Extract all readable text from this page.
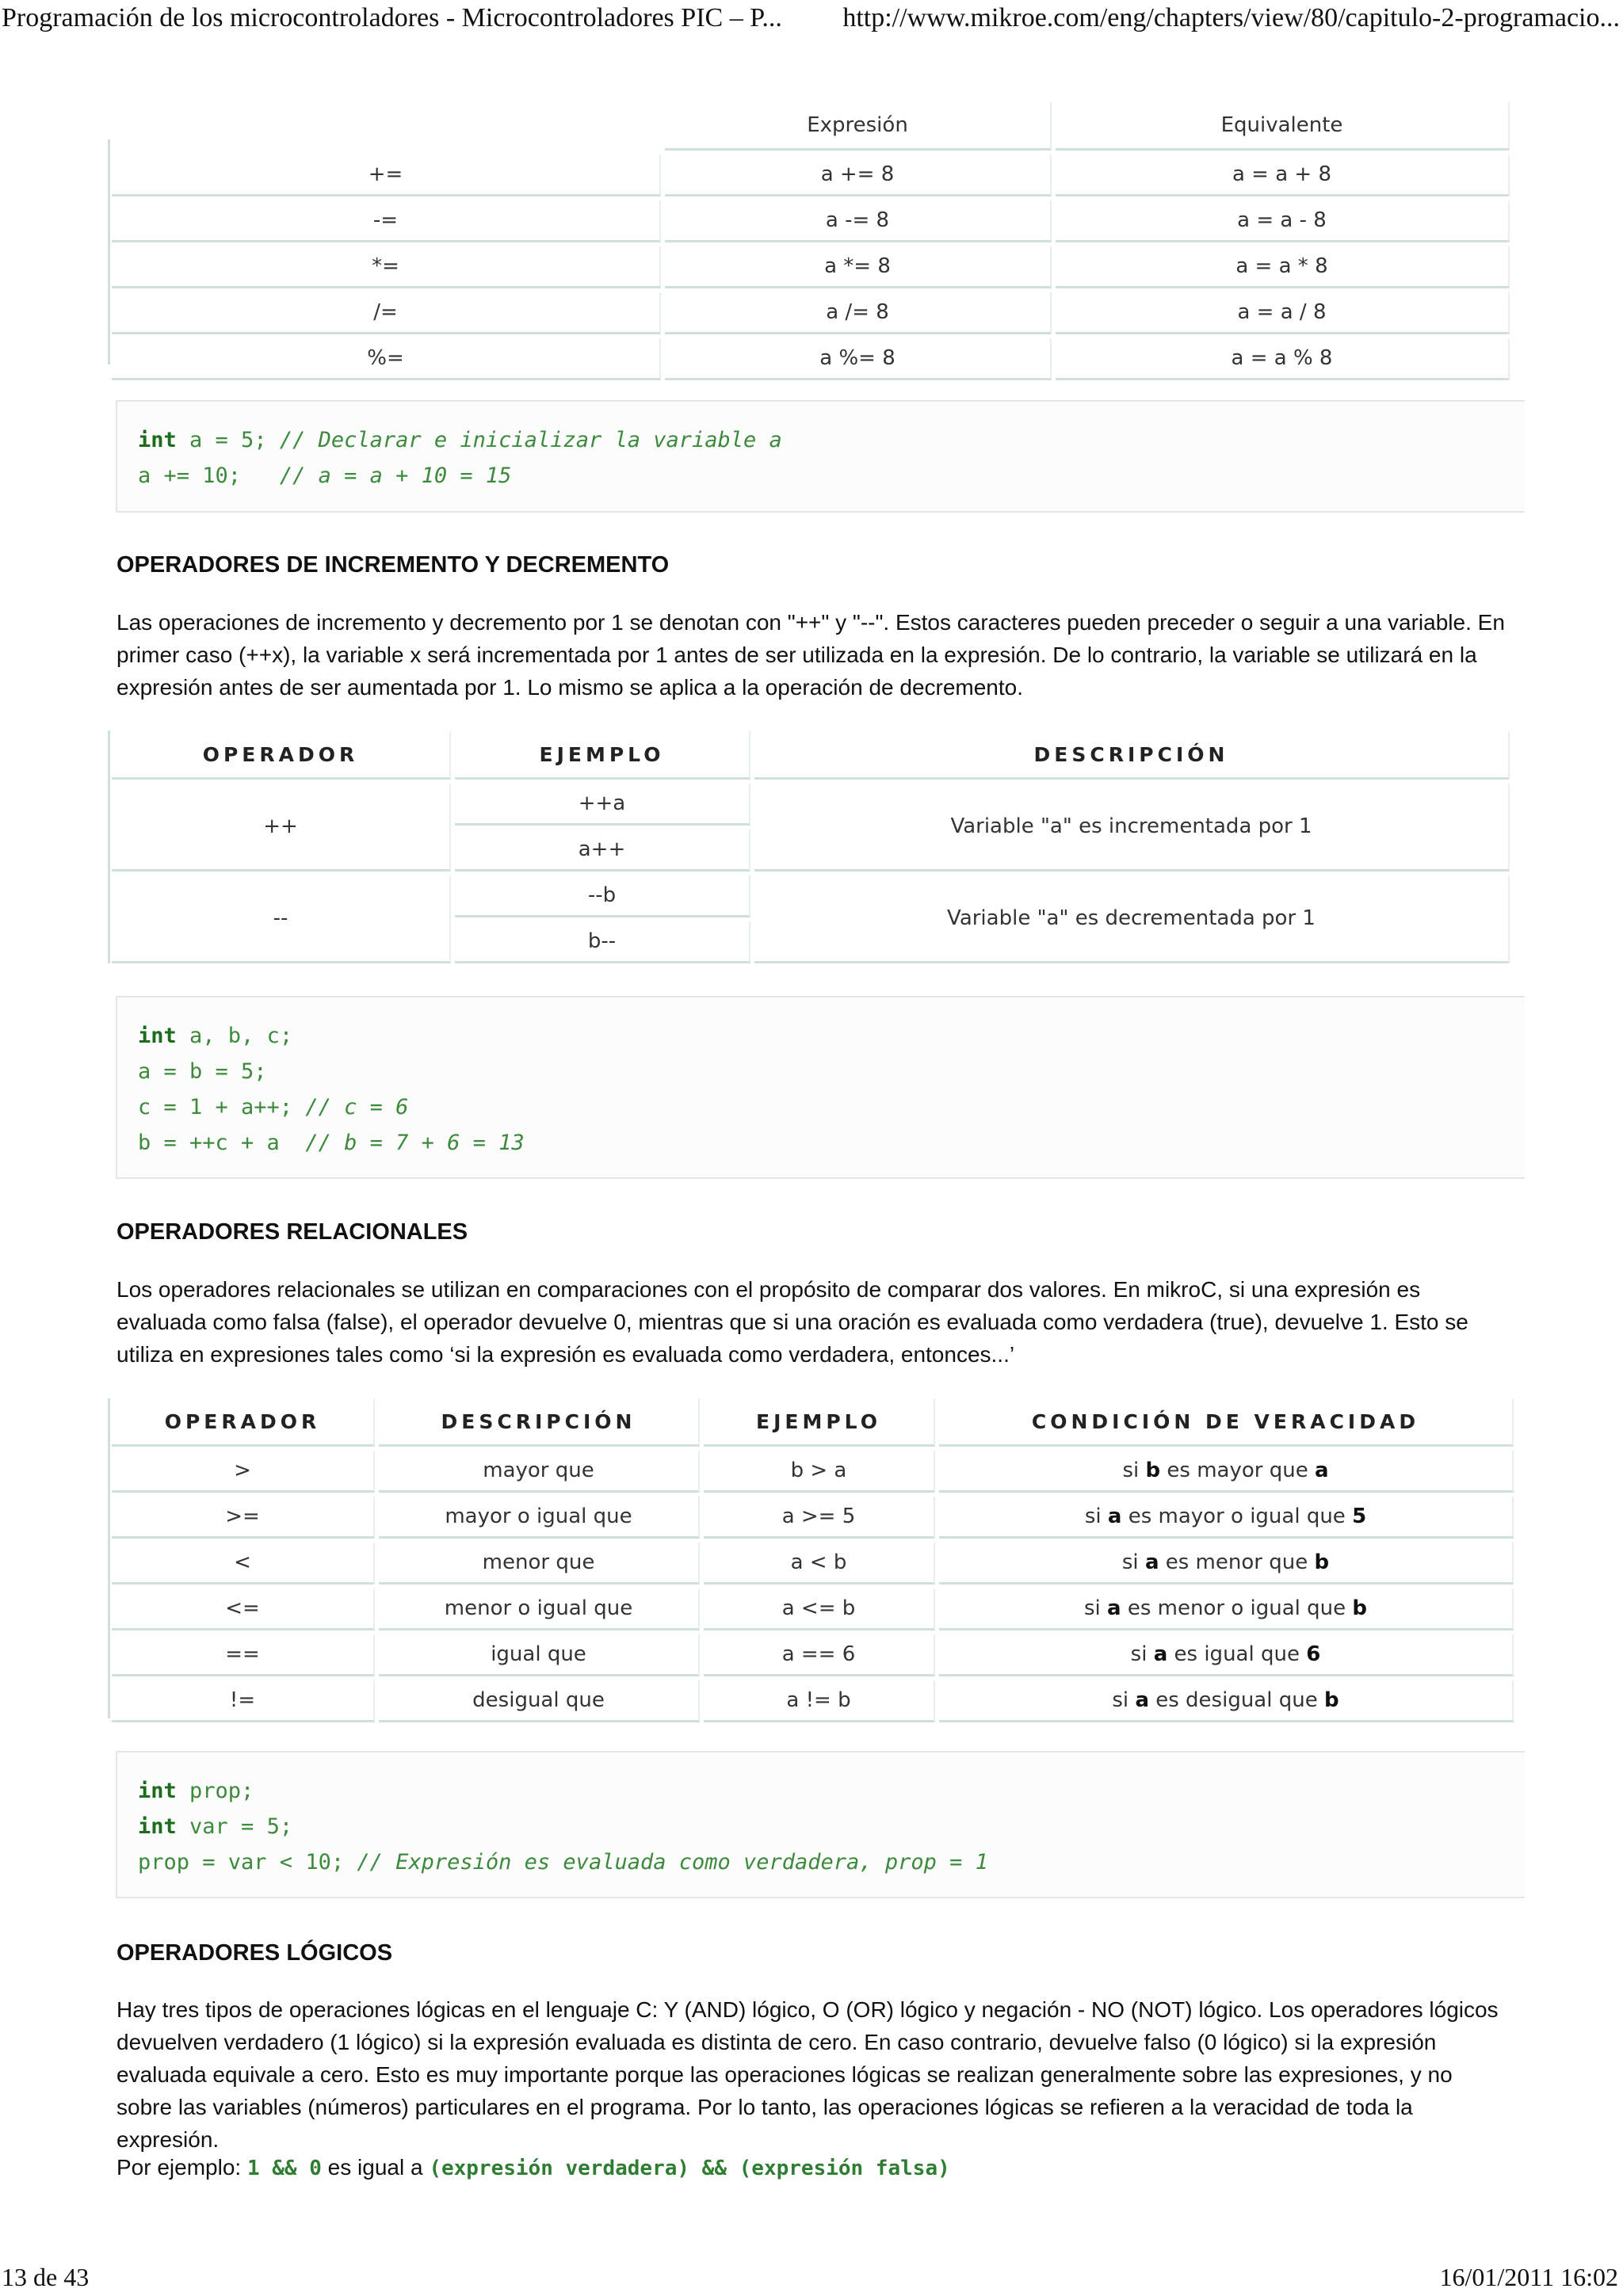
Programación de los microcontroladores - Microcontroladores PIC – P... http://www.mikroe.com/eng/chapters/view/80/capitulo-2-programacio...
	Expresión	Equivalente
+=	a += 8	a = a + 8
-=	a -= 8	a = a - 8
*=	a *= 8	a = a * 8
/=	a /= 8	a = a / 8
%=	a %= 8	a = a % 8
int a = 5; // Declarar e inicializar la variable a
a += 10;   // a = a + 10 = 15
OPERADORES DE INCREMENTO Y DECREMENTO
Las operaciones de incremento y decremento por 1 se denotan con "++" y "--". Estos caracteres pueden preceder o seguir a una variable. En primer caso (++x), la variable x será incrementada por 1 antes de ser utilizada en la expresión. De lo contrario, la variable se utilizará en la expresión antes de ser aumentada por 1. Lo mismo se aplica a la operación de decremento.
OPERADOR	EJEMPLO	DESCRIPCIÓN
++	++a	Variable "a" es incrementada por 1
	a++	
--	--b	Variable "a" es decrementada por 1
	b--	
int a, b, c;
a = b = 5;
c = 1 + a++; // c = 6
b = ++c + a  // b = 7 + 6 = 13
OPERADORES RELACIONALES
Los operadores relacionales se utilizan en comparaciones con el propósito de comparar dos valores. En mikroC, si una expresión es evaluada como falsa (false), el operador devuelve 0, mientras que si una oración es evaluada como verdadera (true), devuelve 1. Esto se utiliza en expresiones tales como ‘si la expresión es evaluada como verdadera, entonces...’
OPERADOR	DESCRIPCIÓN	EJEMPLO	CONDICIÓN DE VERACIDAD
>	mayor que	b > a	si b es mayor que a
>=	mayor o igual que	a >= 5	si a es mayor o igual que 5
<	menor que	a < b	si a es menor que b
<=	menor o igual que	a <= b	si a es menor o igual que b
==	igual que	a == 6	si a es igual que 6
!=	desigual que	a != b	si a es desigual que b
int prop;
int var = 5;
prop = var < 10; // Expresión es evaluada como verdadera, prop = 1
OPERADORES LÓGICOS
Hay tres tipos de operaciones lógicas en el lenguaje C: Y (AND) lógico, O (OR) lógico y negación - NO (NOT) lógico. Los operadores lógicos devuelven verdadero (1 lógico) si la expresión evaluada es distinta de cero. En caso contrario, devuelve falso (0 lógico) si la expresión evaluada equivale a cero. Esto es muy importante porque las operaciones lógicas se realizan generalmente sobre las expresiones, y no sobre las variables (números) particulares en el programa. Por lo tanto, las operaciones lógicas se refieren a la veracidad de toda la expresión.
Por ejemplo: 1 && 0 es igual a (expresión verdadera) && (expresión falsa)
13 de 43	16/01/2011 16:02
